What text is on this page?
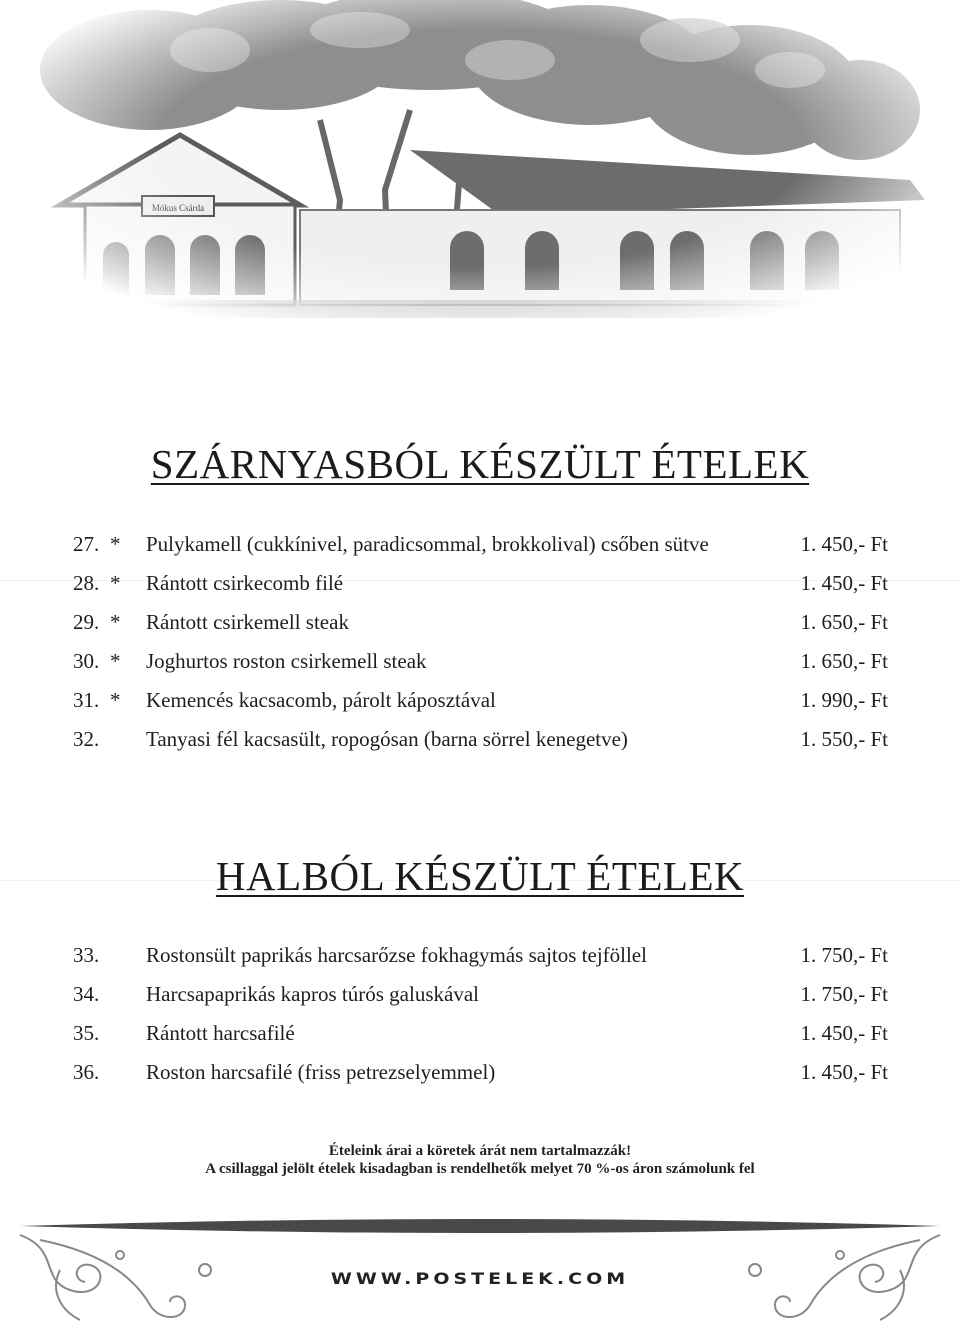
SZÁRNYASBÓL KÉSZÜLT ÉTELEK
27. * Pulykamell (cukkínivel, paradicsommal, brokkolival) csőben sütve	1. 450,- Ft
28. * Rántott csirkecomb filé	1. 450,- Ft
29. * Rántott csirkemell steak	1. 650,- Ft
30. * Joghurtos roston csirkemell steak	1. 650,- Ft
31. * Kemencés kacsacomb, párolt káposztával	1. 990,- Ft
32. Tanyasi fél kacsasült, ropogósan (barna sörrel kenegetve)	1. 550,- Ft
HALBÓL KÉSZÜLT ÉTELEK
33. Rostonsült paprikás harcsarőzse fokhagymás sajtos tejföllel	1. 750,- Ft
34. Harcsapaprikás kapros túrós galuskával	1. 750,- Ft
35. Rántott harcsafilé	1. 450,- Ft
36. Roston harcsafilé (friss petrezselyemmel)	1. 450,- Ft
Ételeink árai a köretek árát nem tartalmazzák!
A csillaggal jelölt ételek kisadagban is rendelhetők melyet 70 %-os áron számolunk fel
WWW.POSTELEK.COM
